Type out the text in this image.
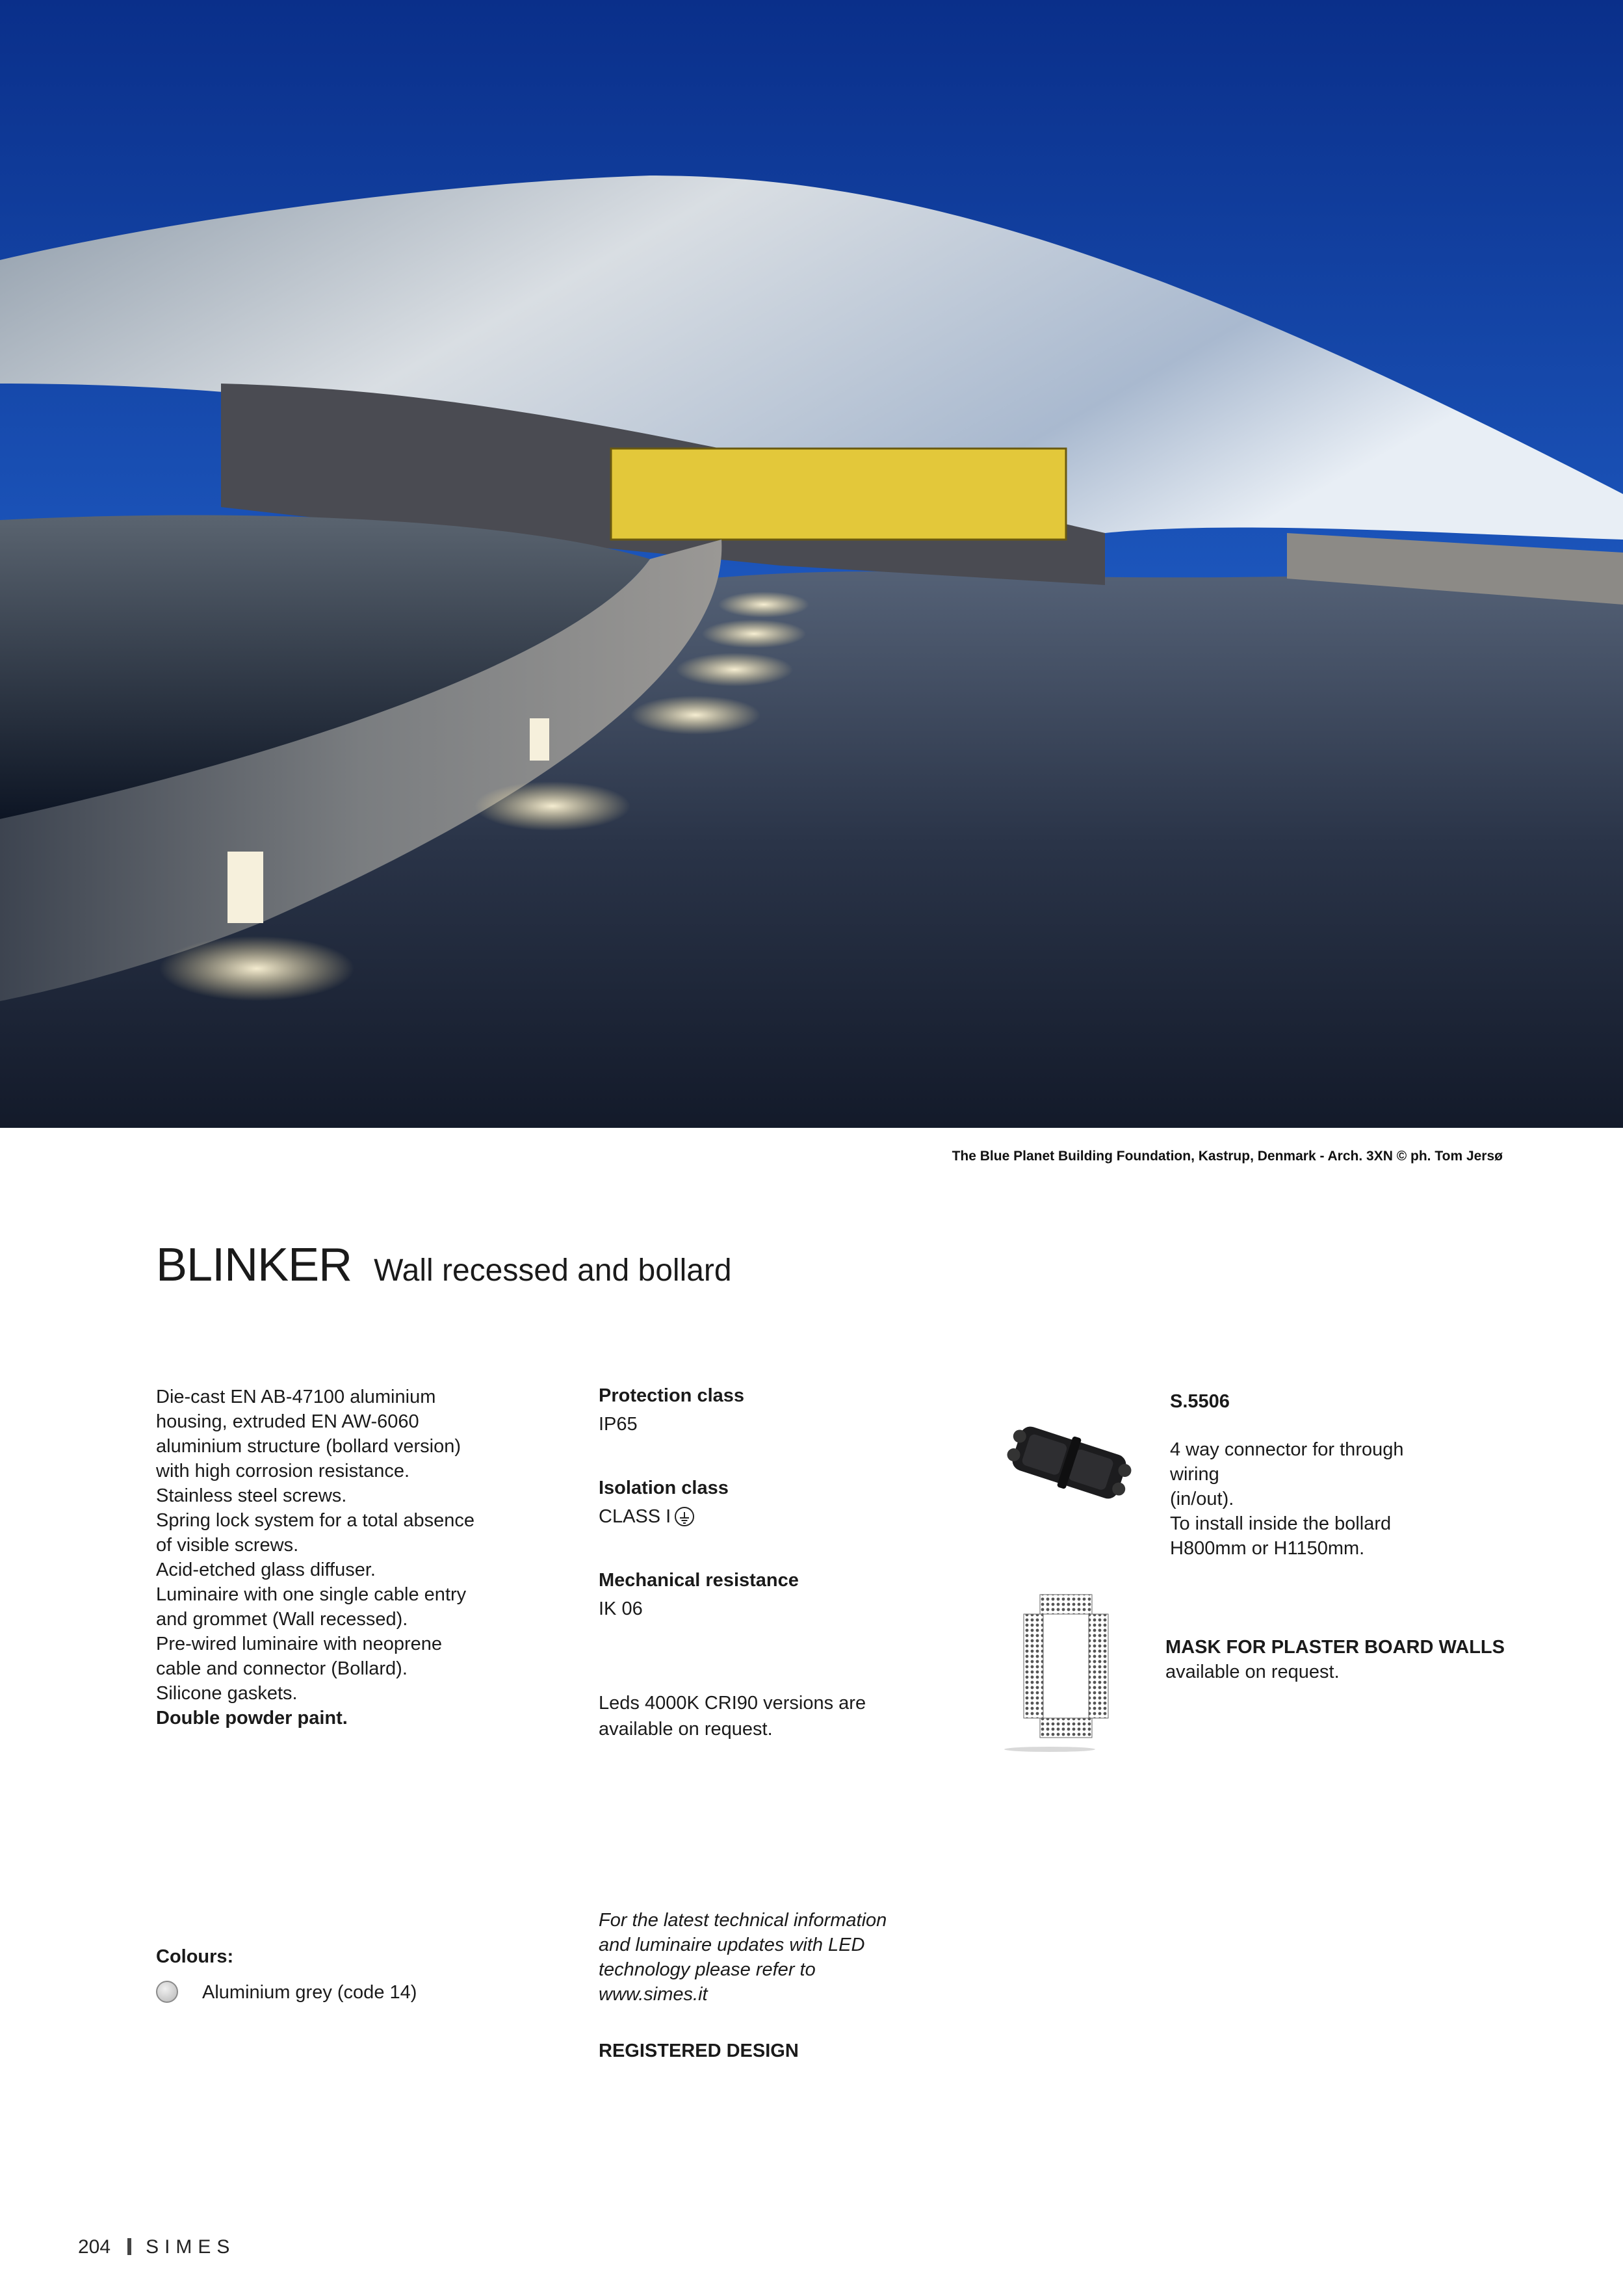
The Blue Planet Building Foundation, Kastrup, Denmark - Arch. 3XN © ph. Tom Jersø
BLINKER Wall recessed and bollard
Die-cast EN AB-47100 aluminium
housing, extruded EN AW-6060
aluminium structure (bollard version)
with high corrosion resistance.
Stainless steel screws.
Spring lock system for a total absence
of visible screws.
Acid-etched glass diffuser.
Luminaire with one single cable entry
and grommet (Wall recessed).
Pre-wired luminaire with neoprene
cable and connector (Bollard).
Silicone gaskets.
Double powder paint.
Protection class
IP65
Isolation class
CLASS I
Mechanical resistance
IK 06
Leds 4000K CRI90 versions are
available on request.
S.5506
4 way connector for through
wiring
(in/out).
To install inside the bollard
H800mm or H1150mm.
MASK FOR PLASTER BOARD WALLS
available on request.
Colours:
Aluminium grey (code 14)
For the latest technical information
and luminaire updates with LED
technology please refer to
www.simes.it
REGISTERED DESIGN
204 SIMES
